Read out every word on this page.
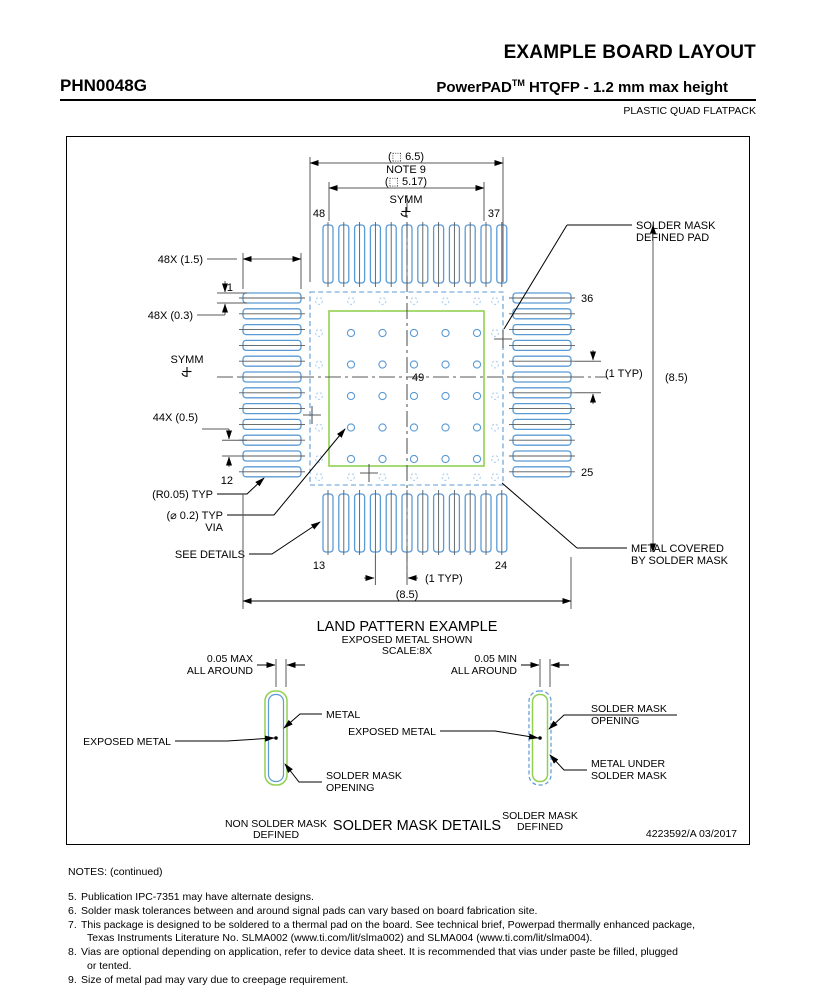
EXAMPLE BOARD LAYOUT
PHN0048G	PowerPAD™ HTQFP - 1.2 mm max height
PLASTIC QUAD FLATPACK
(⬚ 6.5)
NOTE 9
(⬚ 5.17)
SYMM
SYMM
48	37
36
25
24
13
12
1
49
48X (1.5)
48X (0.3)
44X (0.5)
(R0.05) TYP
(⌀ 0.2) TYP
VIA
SEE DETAILS
SOLDER MASK
DEFINED PAD
METAL COVERED
BY SOLDER MASK
(1 TYP) (8.5)
(1 TYP)
(8.5)
LAND PATTERN EXAMPLE
EXPOSED METAL SHOWN
SCALE:8X
0.05 MAX
ALL AROUND
METAL
EXPOSED METAL
SOLDER MASK
OPENING
NON SOLDER MASK
DEFINED
0.05 MIN
ALL AROUND
SOLDER MASK
OPENING
EXPOSED METAL
METAL UNDER
SOLDER MASK
SOLDER MASK
DEFINED
SOLDER MASK DETAILS	4223592/A 03/2017
NOTES: (continued)
5. Publication IPC-7351 may have alternate designs.
6. Solder mask tolerances between and around signal pads can vary based on board fabrication site.
7. This package is designed to be soldered to a thermal pad on the board. See technical brief, Powerpad thermally enhanced package,
Texas Instruments Literature No. SLMA002 (www.ti.com/lit/slma002) and SLMA004 (www.ti.com/lit/slma004).
8. Vias are optional depending on application, refer to device data sheet. It is recommended that vias under paste be filled, plugged
or tented.
9. Size of metal pad may vary due to creepage requirement.
